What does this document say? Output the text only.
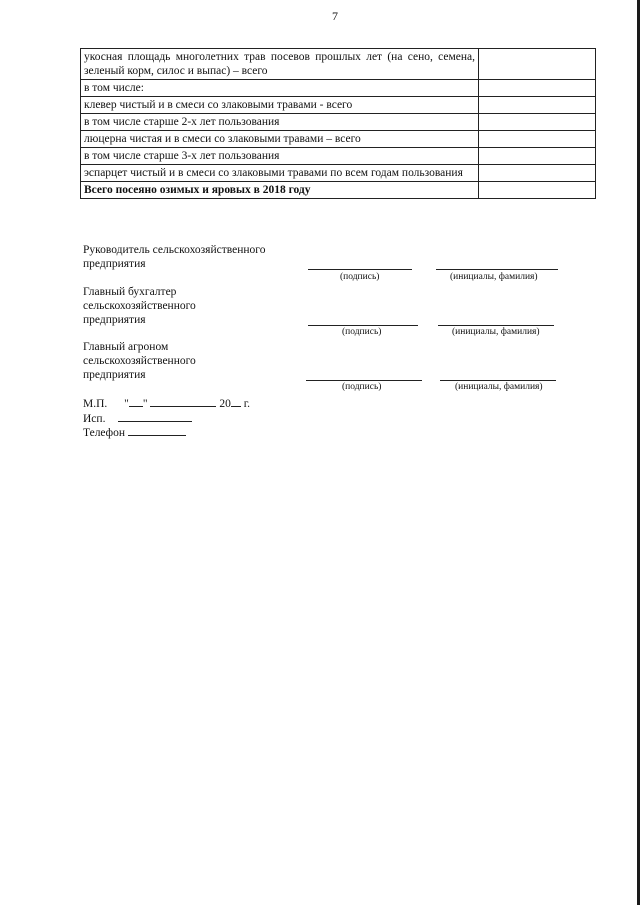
7
укосная площадь многолетних трав посевов прошлых лет (на сено, семена, зеленый корм, силос и выпас) – всего	
в том числе:	
клевер чистый и в смеси со злаковыми травами - всего	
в том числе старше 2-х лет пользования	
люцерна чистая и в смеси со злаковыми травами – всего	
в том числе старше 3-х лет пользования	
эспарцет чистый и в смеси со злаковыми травами по всем годам пользования	
Всего посеяно озимых и яровых в 2018 году	
Руководитель сельскохозяйственного предприятия
(подпись)	(инициалы, фамилия)
Главный бухгалтер сельскохозяйственного предприятия
(подпись)	(инициалы, фамилия)
Главный агроном сельскохозяйственного предприятия
(подпись)	(инициалы, фамилия)
М.П. " "	20 г.
Исп.
Телефон
